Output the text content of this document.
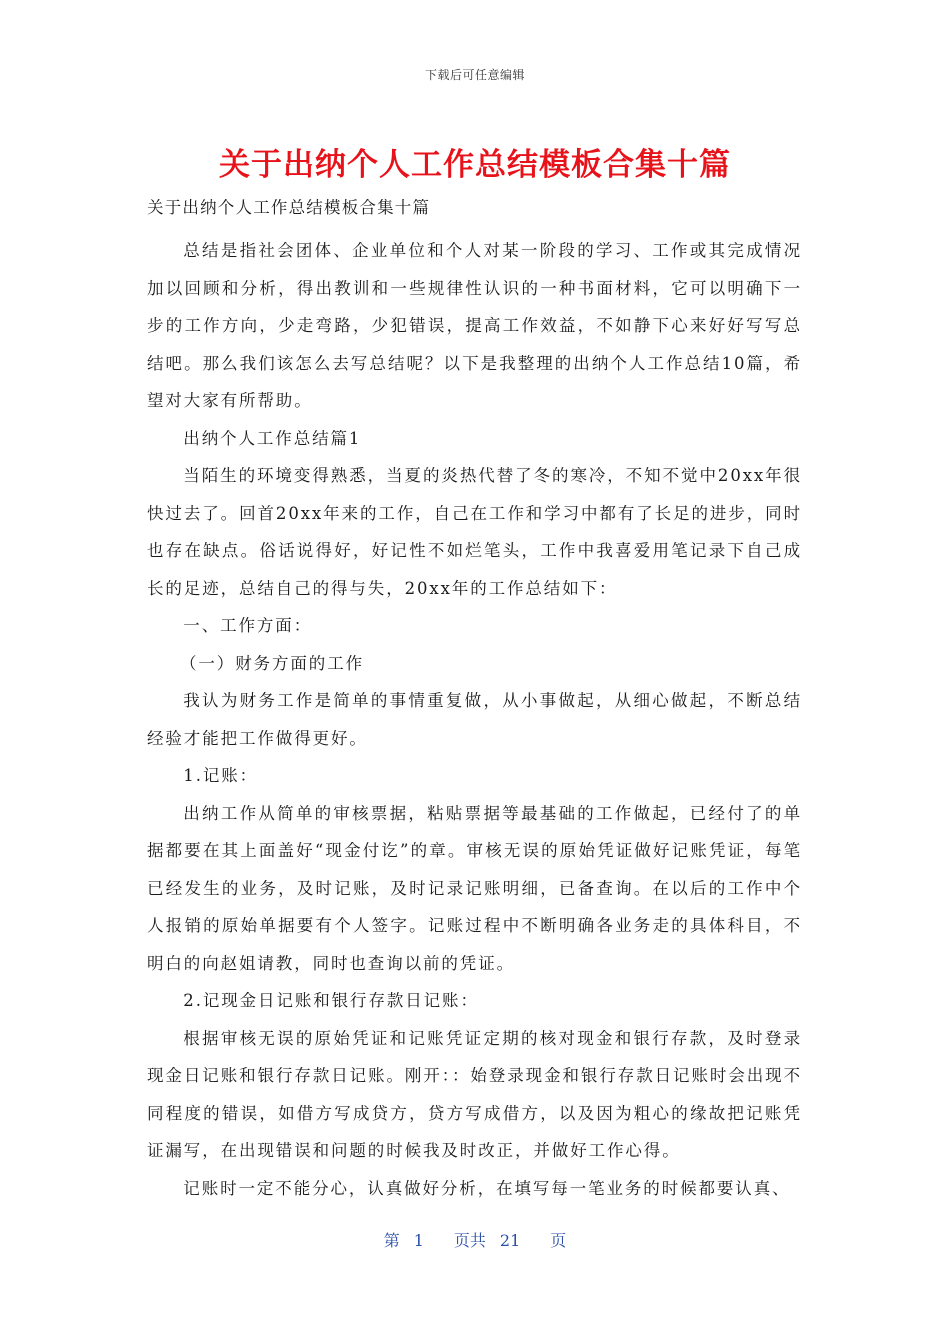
下载后可任意编辑
关于出纳个人工作总结模板合集十篇
关于出纳个人工作总结模板合集十篇

总结是指社会团体、企业单位和个人对某一阶段的学习、工作或其完成情况加以回顾和分析，得出教训和一些规律性认识的一种书面材料，它可以明确下一步的工作方向，少走弯路，少犯错误，提高工作效益，不如静下心来好好写写总结吧。那么我们该怎么去写总结呢？以下是我整理的出纳个人工作总结10篇，希望对大家有所帮助。

出纳个人工作总结篇1

当陌生的环境变得熟悉，当夏的炎热代替了冬的寒冷，不知不觉中20xx年很快过去了。回首20xx年来的工作，自己在工作和学习中都有了长足的进步，同时也存在缺点。俗话说得好，好记性不如烂笔头，工作中我喜爱用笔记录下自己成长的足迹，总结自己的得与失，20xx年的工作总结如下：

一、工作方面：

（一）财务方面的工作

我认为财务工作是简单的事情重复做，从小事做起，从细心做起，不断总结经验才能把工作做得更好。

1.记账：

出纳工作从简单的审核票据，粘贴票据等最基础的工作做起，已经付了的单据都要在其上面盖好“现金付讫”的章。审核无误的原始凭证做好记账凭证，每笔已经发生的业务，及时记账，及时记录记账明细，已备查询。在以后的工作中个人报销的原始单据要有个人签字。记账过程中不断明确各业务走的具体科目，不明白的向赵姐请教，同时也查询以前的凭证。

2.记现金日记账和银行存款日记账：

根据审核无误的原始凭证和记账凭证定期的核对现金和银行存款，及时登录现金日记账和银行存款日记账。刚开：：始登录现金和银行存款日记账时会出现不同程度的错误，如借方写成贷方，贷方写成借方，以及因为粗心的缘故把记账凭证漏写，在出现错误和问题的时候我及时改正，并做好工作心得。

记账时一定不能分心，认真做好分析，在填写每一笔业务的时候都要认真、

第 1 页共 21 页
